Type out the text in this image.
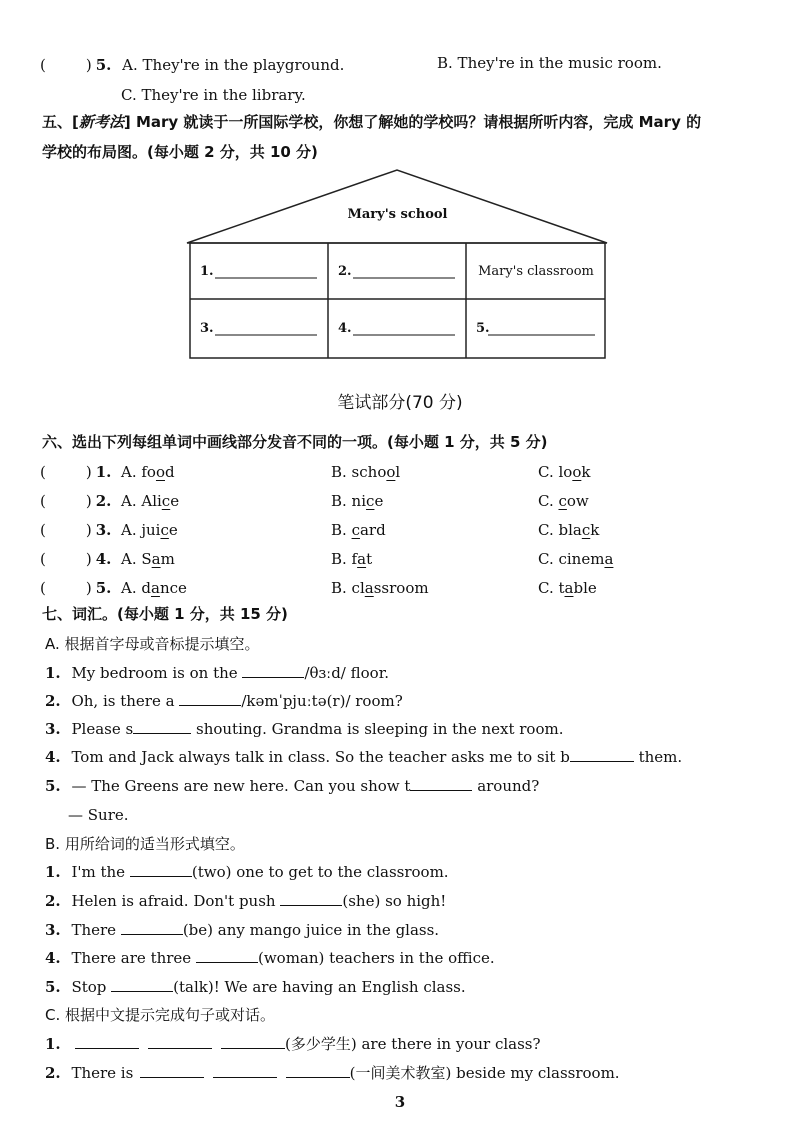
(	) 5. A. They're in the playground.	B. They're in the music room.
C. They're in the library.
五、[新考法] Mary 就读于一所国际学校，你想了解她的学校吗？请根据所听内容，完成 Mary 的
学校的布局图。(每小题 2 分，共 10 分)
Mary's school
1.	2.	Mary's classroom
3.	4.	5.
笔试部分(70 分)
六、选出下列每组单词中画线部分发音不同的一项。(每小题 1 分，共 5 分)
(	) 1. A. food	B. school	C. look
(	) 2. A. Alice	B. nice	C. cow
(	) 3. A. juice	B. card	C. black
(	) 4. A. Sam	B. fat	C. cinema
(	) 5. A. dance	B. classroom	C. table
七、词汇。(每小题 1 分，共 15 分)
A. 根据首字母或音标提示填空。
1. My bedroom is on the	/θɜːd/ floor.
2. Oh, is there a	/kəmˈpjuːtə(r)/ room?
3. Please s	shouting. Grandma is sleeping in the next room.
4. Tom and Jack always talk in class. So the teacher asks me to sit b	them.
5. — The Greens are new here. Can you show t	around?
— Sure.
B. 用所给词的适当形式填空。
1. I'm the	(two) one to get to the classroom.
2. Helen is afraid. Don't push	(she) so high!
3. There	(be) any mango juice in the glass.
4. There are three	(woman) teachers in the office.
5. Stop	(talk)! We are having an English class.
C. 根据中文提示完成句子或对话。
1.	(多少学生) are there in your class?
2. There is	(一间美术教室) beside my classroom.
3
